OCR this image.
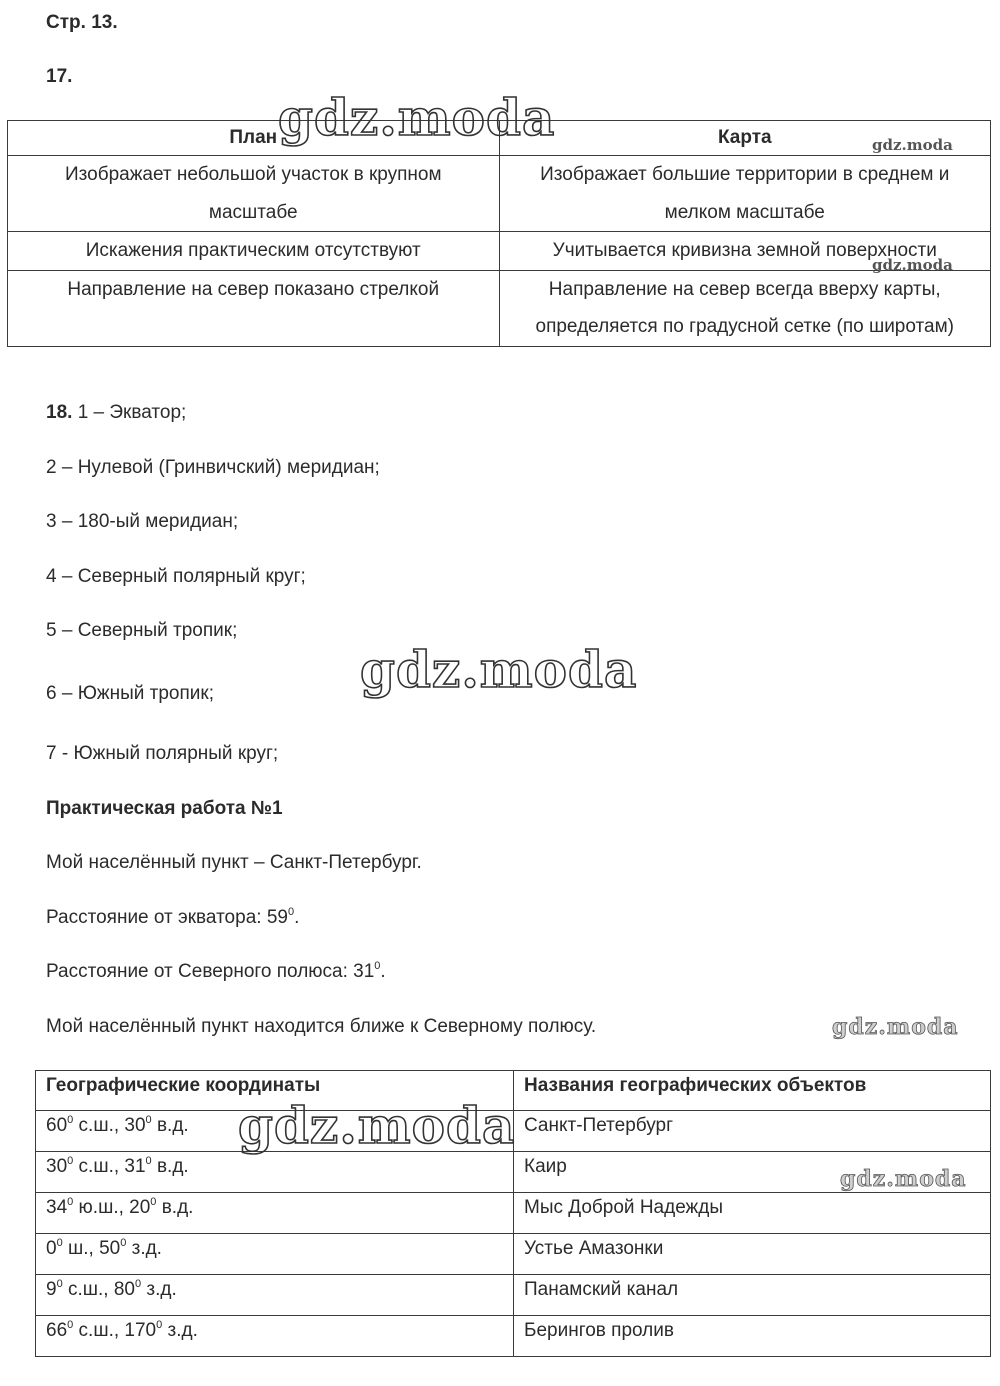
Стр. 13.
17.
План	Карта
Изображает небольшой участок в крупном масштабе	Изображает большие территории в среднем и мелком масштабе
Искажения практическим отсутствуют	Учитывается кривизна земной поверхности
Направление на север показано стрелкой	Направление на север всегда вверху карты, определяется по градусной сетке (по широтам)
18. 1 – Экватор;
2 – Нулевой (Гринвичский) меридиан;
3 – 180-ый меридиан;
4 – Северный полярный круг;
5 – Северный тропик;
6 – Южный тропик;
7 - Южный полярный круг;
Практическая работа №1
Мой населённый пункт – Санкт-Петербург.
Расстояние от экватора: $59^0$.
Расстояние от Северного полюса: $31^0$.
Мой населённый пункт находится ближе к Северному полюсу.
Географические координаты	Названия географических объектов
$60^0$ с.ш., $30^0$ в.д.	Санкт-Петербург
$30^0$ с.ш., $31^0$ в.д.	Каир
$34^0$ ю.ш., $20^0$ в.д.	Мыс Доброй Надежды
$0^0$ ш., $50^0$ з.д.	Устье Амазонки
$9^0$ с.ш., $80^0$ з.д.	Панамский канал
$66^0$ с.ш., $170^0$ з.д.	Берингов пролив
gdz.moda	gdz.moda
gdz.moda
gdz.moda
gdz.moda
gdz.moda
gdz.moda
